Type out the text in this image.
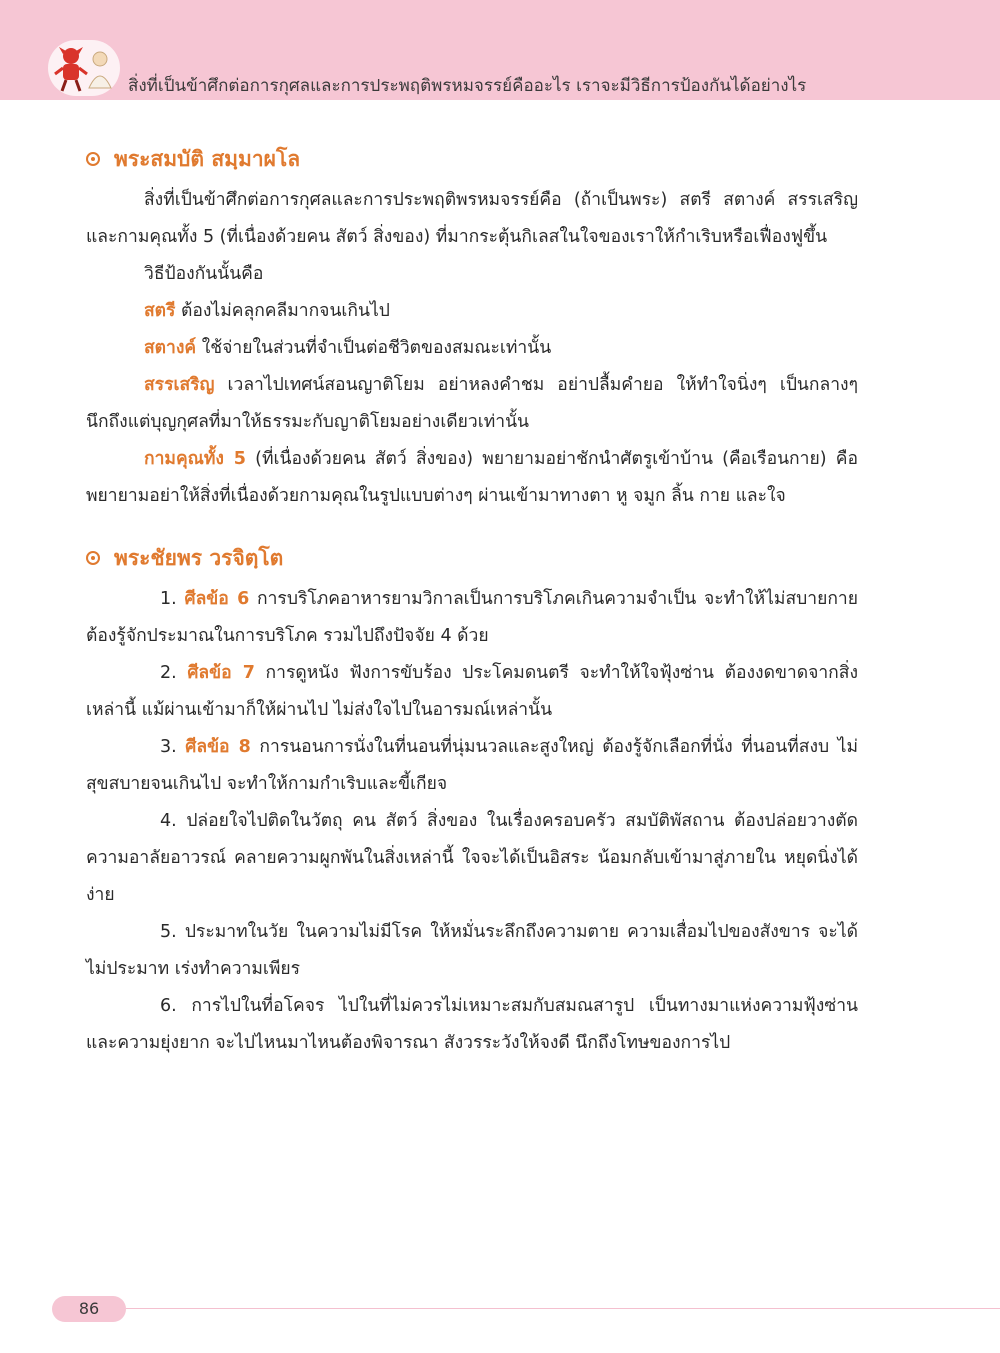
สิ่งที่เป็นข้าศึกต่อการกุศลและการประพฤติพรหมจรรย์คืออะไร เราจะมีวิธีการป้องกันได้อย่างไร
พระสมบัติ สมฺมาผโล

สิ่งที่เป็นข้าศึกต่อการกุศลและการประพฤติพรหมจรรย์คือ (ถ้าเป็นพระ) สตรี สตางค์ สรรเสริญ และกามคุณทั้ง 5 (ที่เนื่องด้วยคน สัตว์ สิ่งของ) ที่มากระตุ้นกิเลสในใจของเราให้กำเริบหรือเฟื่องฟูขึ้น

วิธีป้องกันนั้นคือ

สตรี ต้องไม่คลุกคลีมากจนเกินไป

สตางค์ ใช้จ่ายในส่วนที่จำเป็นต่อชีวิตของสมณะเท่านั้น

สรรเสริญ เวลาไปเทศน์สอนญาติโยม อย่าหลงคำชม อย่าปลื้มคำยอ ให้ทำใจนิ่งๆ เป็นกลางๆ นึกถึงแต่บุญกุศลที่มาให้ธรรมะกับญาติโยมอย่างเดียวเท่านั้น

กามคุณทั้ง 5 (ที่เนื่องด้วยคน สัตว์ สิ่งของ) พยายามอย่าชักนำศัตรูเข้าบ้าน (คือเรือนกาย) คือพยายามอย่าให้สิ่งที่เนื่องด้วยกามคุณในรูปแบบต่างๆ ผ่านเข้ามาทางตา หู จมูก ลิ้น กาย และใจ

พระชัยพร วรจิตฺโต

1. ศีลข้อ 6 การบริโภคอาหารยามวิกาลเป็นการบริโภคเกินความจำเป็น จะทำให้ไม่สบายกาย ต้องรู้จักประมาณในการบริโภค รวมไปถึงปัจจัย 4 ด้วย

2. ศีลข้อ 7 การดูหนัง ฟังการขับร้อง ประโคมดนตรี จะทำให้ใจฟุ้งซ่าน ต้องงดขาดจากสิ่งเหล่านี้ แม้ผ่านเข้ามาก็ให้ผ่านไป ไม่ส่งใจไปในอารมณ์เหล่านั้น

3. ศีลข้อ 8 การนอนการนั่งในที่นอนที่นุ่มนวลและสูงใหญ่ ต้องรู้จักเลือกที่นั่ง ที่นอนที่สงบ ไม่สุขสบายจนเกินไป จะทำให้กามกำเริบและขี้เกียจ

4. ปล่อยใจไปติดในวัตถุ คน สัตว์ สิ่งของ ในเรื่องครอบครัว สมบัติพัสถาน ต้องปล่อยวางตัดความอาลัยอาวรณ์ คลายความผูกพันในสิ่งเหล่านี้ ใจจะได้เป็นอิสระ น้อมกลับเข้ามาสู่ภายใน หยุดนิ่งได้ง่าย

5. ประมาทในวัย ในความไม่มีโรค ให้หมั่นระลึกถึงความตาย ความเสื่อมไปของสังขาร จะได้ไม่ประมาท เร่งทำความเพียร

6. การไปในที่อโคจร ไปในที่ไม่ควรไม่เหมาะสมกับสมณสารูป เป็นทางมาแห่งความฟุ้งซ่าน และความยุ่งยาก จะไปไหนมาไหนต้องพิจารณา สังวรระวังให้จงดี นึกถึงโทษของการไป

86
